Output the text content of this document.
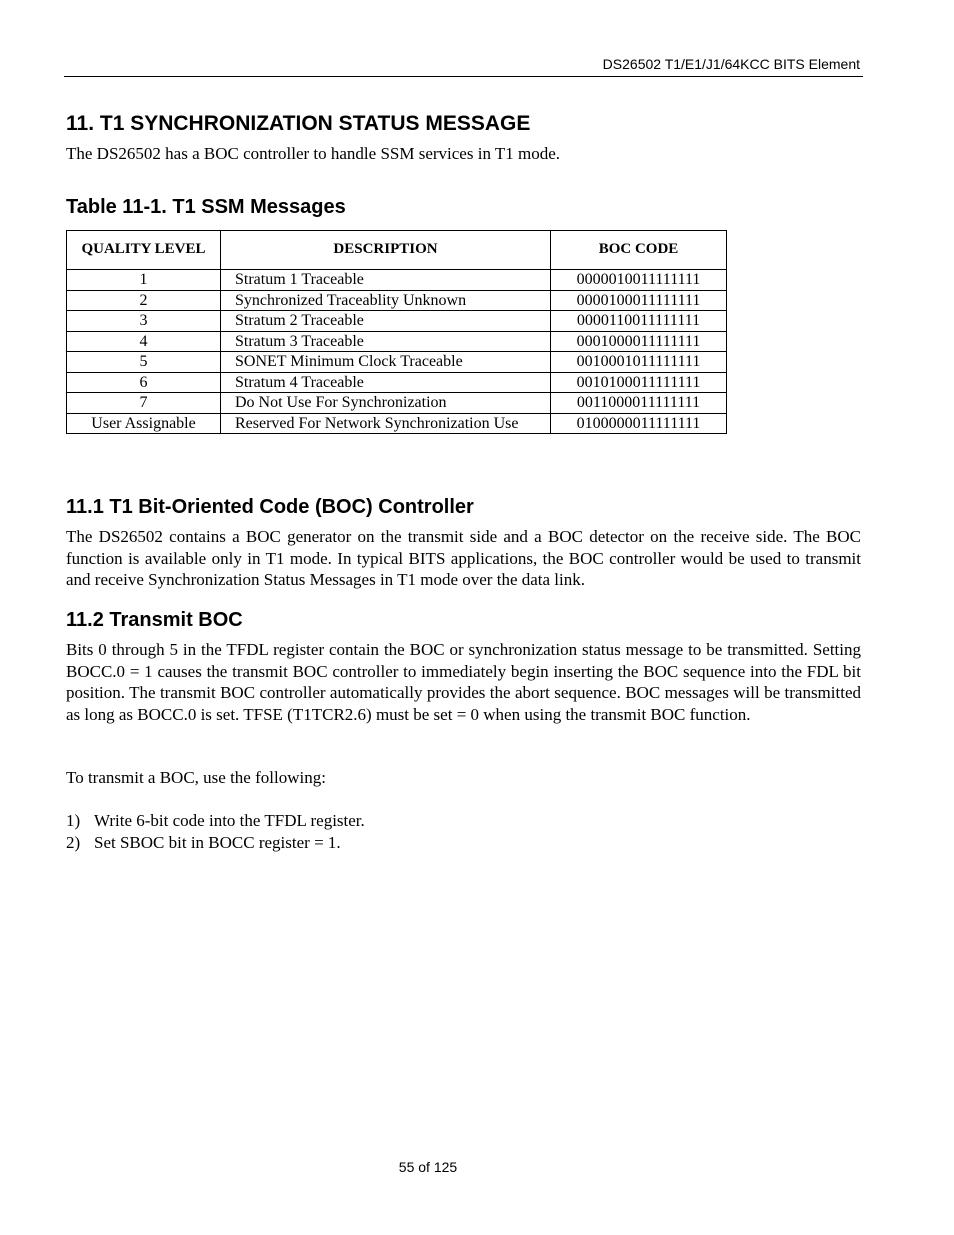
DS26502 T1/E1/J1/64KCC BITS Element
11. T1 SYNCHRONIZATION STATUS MESSAGE
The DS26502 has a BOC controller to handle SSM services in T1 mode.
Table 11-1. T1 SSM Messages
QUALITY LEVEL	DESCRIPTION	BOC CODE
1	Stratum 1 Traceable	0000010011111111
2	Synchronized Traceablity Unknown	0000100011111111
3	Stratum 2 Traceable	0000110011111111
4	Stratum 3 Traceable	0001000011111111
5	SONET Minimum Clock Traceable	0010001011111111
6	Stratum 4 Traceable	0010100011111111
7	Do Not Use For Synchronization	0011000011111111
User Assignable	Reserved For Network Synchronization Use	0100000011111111
11.1 T1 Bit-Oriented Code (BOC) Controller
The DS26502 contains a BOC generator on the transmit side and a BOC detector on the receive side. The BOC function is available only in T1 mode. In typical BITS applications, the BOC controller would be used to transmit and receive Synchronization Status Messages in T1 mode over the data link.
11.2 Transmit BOC
Bits 0 through 5 in the TFDL register contain the BOC or synchronization status message to be transmitted. Setting BOCC.0 = 1 causes the transmit BOC controller to immediately begin inserting the BOC sequence into the FDL bit position. The transmit BOC controller automatically provides the abort sequence. BOC messages will be transmitted as long as BOCC.0 is set. TFSE (T1TCR2.6) must be set = 0 when using the transmit BOC function.
To transmit a BOC, use the following:
1) Write 6-bit code into the TFDL register.
2) Set SBOC bit in BOCC register = 1.
55 of 125
